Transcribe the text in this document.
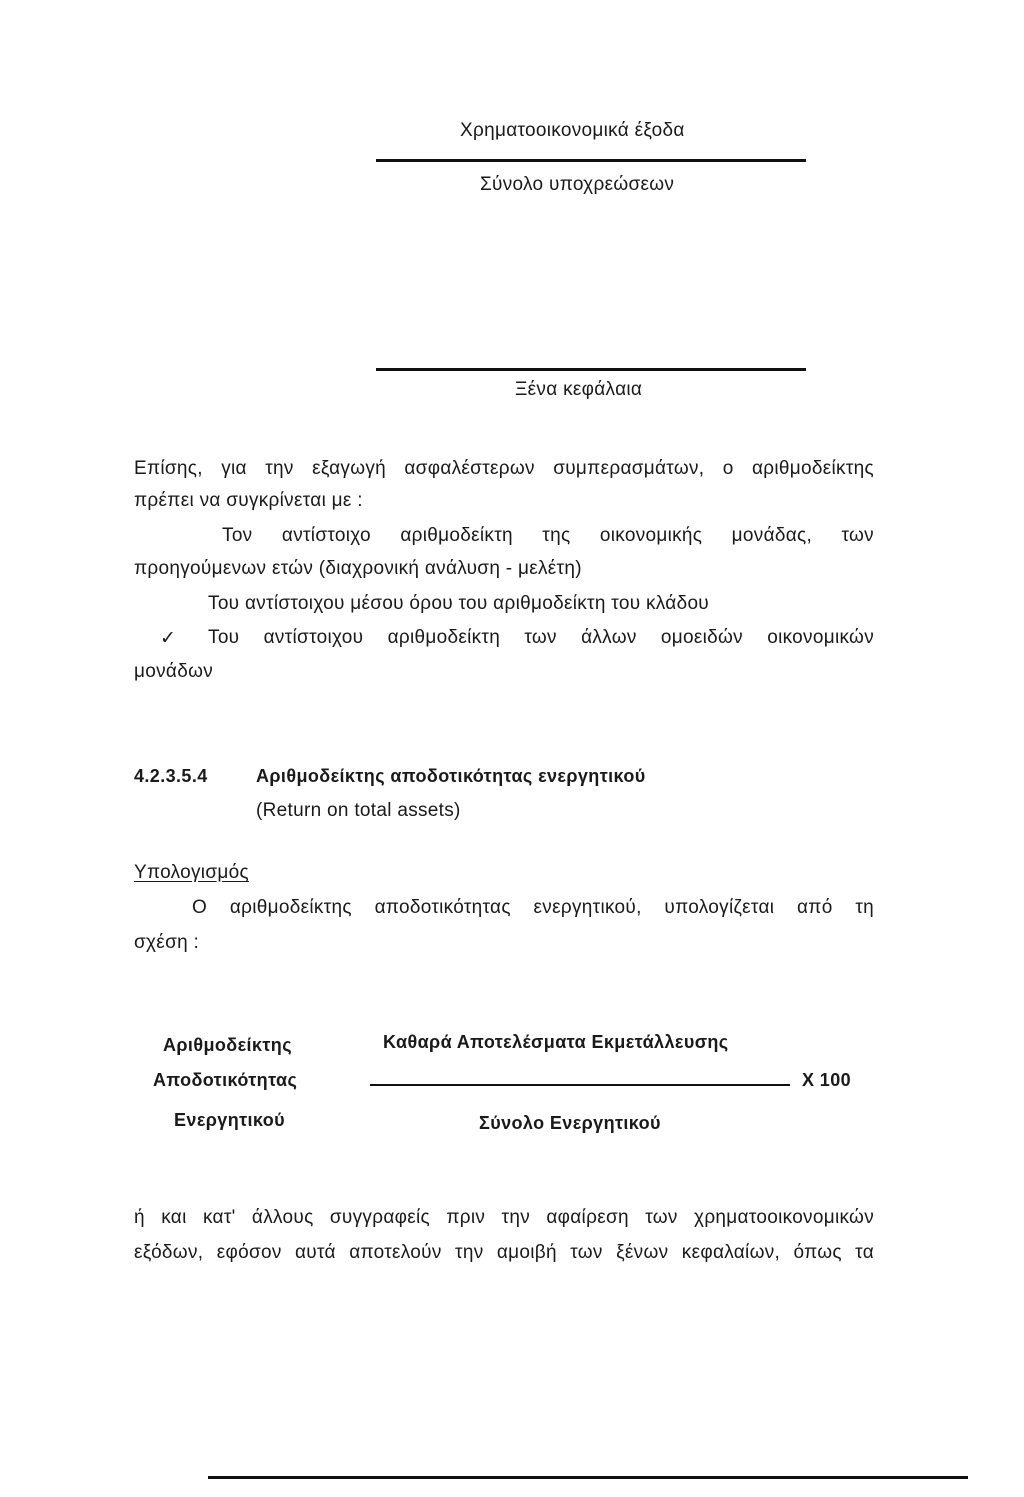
Χρηματοοικονομικά έξοδα
Σύνολο υποχρεώσεων
Ξένα κεφάλαια
Επίσης, για την εξαγωγή ασφαλέστερων συμπερασμάτων, ο αριθμοδείκτης
πρέπει να συγκρίνεται με :
Τον αντίστοιχο αριθμοδείκτη της οικονομικής μονάδας, των
προηγούμενων ετών (διαχρονική ανάλυση - μελέτη)
Του αντίστοιχου μέσου όρου του αριθμοδείκτη του κλάδου
✓ Του αντίστοιχου αριθμοδείκτη των άλλων ομοειδών οικονομικών
μονάδων
4.2.3.5.4	Αριθμοδείκτης αποδοτικότητας ενεργητικού
(Return on total assets)
Υπολογισμός
Ο αριθμοδείκτης αποδοτικότητας ενεργητικού, υπολογίζεται από τη
σχέση :
Αριθμοδείκτης
Αποδοτικότητας
Ενεργητικού
Καθαρά Αποτελέσματα Εκμετάλλευσης
X 100
Σύνολο Ενεργητικού
ή και κατ' άλλους συγγραφείς πριν την αφαίρεση των χρηματοοικονομικών
εξόδων, εφόσον αυτά αποτελούν την αμοιβή των ξένων κεφαλαίων, όπως τα
